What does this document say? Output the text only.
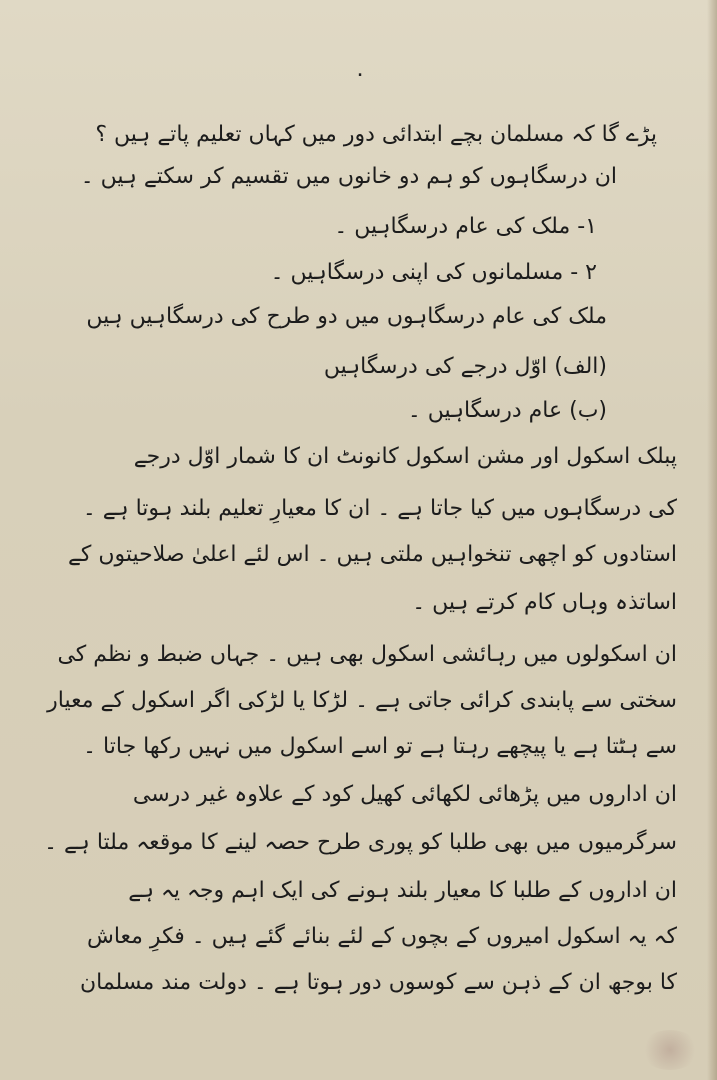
۰
پڑے گا کہ مسلمان بچے ابتدائی دور میں کہاں تعلیم پاتے ہیں ؟
ان درسگاہوں کو ہم دو خانوں میں تقسیم کر سکتے ہیں ۔
۱- ملک کی عام درسگاہیں ۔
۲ - مسلمانوں کی اپنی درسگاہیں ۔
ملک کی عام درسگاہوں میں دو طرح کی درسگاہیں ہیں
(الف) اوّل درجے کی درسگاہیں
(ب) عام درسگاہیں ۔
پبلک اسکول اور مشن اسکول کانونٹ ان کا شمار اوّل درجے
کی درسگاہوں میں کیا جاتا ہے ۔ ان کا معیارِ تعلیم بلند ہوتا ہے ۔
استادوں کو اچھی تنخواہیں ملتی ہیں ۔ اس لئے اعلیٰ صلاحیتوں کے
اساتذہ وہاں کام کرتے ہیں ۔
ان اسکولوں میں رہائشی اسکول بھی ہیں ۔ جہاں ضبط و نظم کی
سختی سے پابندی کرائی جاتی ہے ۔ لڑکا یا لڑکی اگر اسکول کے معیار
سے ہٹتا ہے یا پیچھے رہتا ہے تو اسے اسکول میں نہیں رکھا جاتا ۔
ان اداروں میں پڑھائی لکھائی کھیل کود کے علاوہ غیر درسی
سرگرمیوں میں بھی طلبا کو پوری طرح حصہ لینے کا موقعہ ملتا ہے ۔
ان اداروں کے طلبا کا معیار بلند ہونے کی ایک اہم وجہ یہ ہے
کہ یہ اسکول امیروں کے بچوں کے لئے بنائے گئے ہیں ۔ فکرِ معاش
کا بوجھ ان کے ذہن سے کوسوں دور ہوتا ہے ۔ دولت مند مسلمان
